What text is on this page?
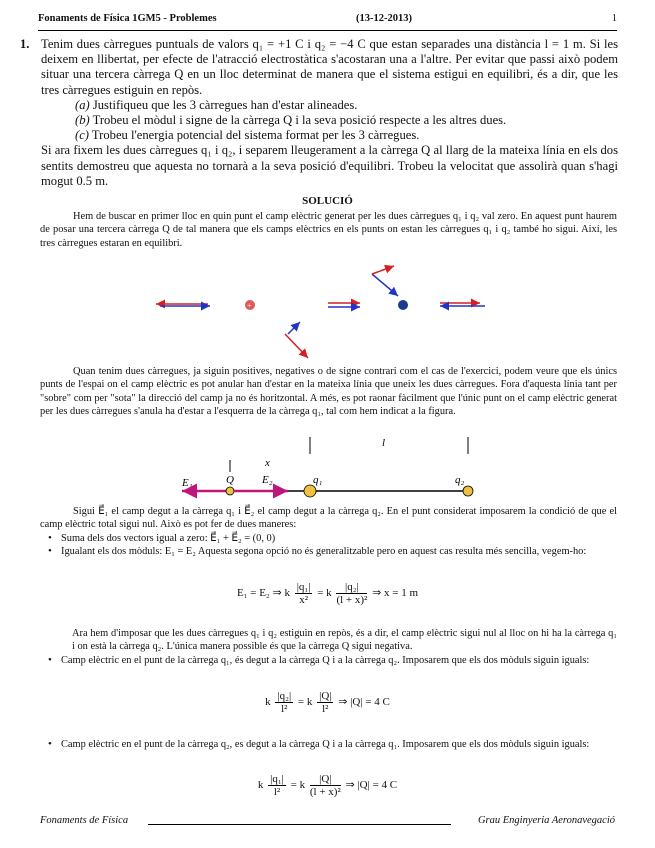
Fonaments de Física 1GM5 - Problemes	(13-12-2013)	1
1. Tenim dues càrregues puntuals de valors q₁ = +1 C i q₂ = −4 C que estan separades una distància l = 1 m. Si les deixem en llibertat, per efecte de l'atracció electrostàtica s'acostaran una a l'altre. Per evitar que passi això podem situar una tercera càrrega Q en un lloc determinat de manera que el sistema estigui en equilibri, és a dir, que les tres càrregues estiguin en repòs.
(a) Justifiqueu que les 3 càrregues han d'estar alineades.
(b) Trobeu el mòdul i signe de la càrrega Q i la seva posició respecte a les altres dues.
(c) Trobeu l'energia potencial del sistema format per les 3 càrregues.
Si ara fixem les dues càrregues q₁ i q₂, i separem lleugerament a la càrrega Q al llarg de la mateixa línia en els dos sentits demostreu que aquesta no tornarà a la seva posició d'equilibri. Trobeu la velocitat que assolirà quan s'hagi mogut 0.5 m.
SOLUCIÓ
Hem de buscar en primer lloc en quin punt el camp elèctric generat per les dues càrregues q₁ i q₂ val zero. En aquest punt haurem de posar una tercera càrrega Q de tal manera que els camps elèctrics en els punts on estan les càrregues q₁ i q₂ també ho sigui. Així, les tres càrregues estaran en equilibri.
+
Quan tenim dues càrregues, ja siguin positives, negatives o de signe contrari com el cas de l'exercici, podem veure que els únics punts de l'espai on el camp elèctric es pot anular han d'estar en la mateixa línia que uneix les dues càrregues. Fora d'aquesta línia tant per "sobre" com per "sota" la direcció del camp ja no és horitzontal. A més, es pot raonar fàcilment que l'únic punt on el camp elèctric generat per les dues càrregues s'anula ha d'estar a l'esquerra de la càrrega q₁, tal com hem indicat a la figura.
l
x
E₁	Q	E₂	q₁	q₂
Sigui E⃗₁ el camp degut a la càrrega q₁ i E⃗₂ el camp degut a la càrrega q₂. En el punt considerat imposarem la condició de que el camp elèctric total sigui nul. Això es pot fer de dues maneres:
• Suma dels dos vectors igual a zero: E⃗₁ + E⃗₂ = (0, 0)
• Igualant els dos mòduls: E₁ = E₂ Aquesta segona opció no és generalitzable pero en aquest cas resulta més sencilla, vegem-ho:
E₁ = E₂ ⇒ k $\frac{\text{|q₁|}}{\text{x²}} = k \frac{\text{|q₂|}}{\text{(l + x)²}}$ ⇒ x = 1 m
Ara hem d'imposar que les dues càrregues q₁ i q₂ estiguin en repòs, és a dir, el camp elèctric sigui nul al lloc on hi ha la càrrega q₁ i on està la càrrega q₂. L'única manera possible és que la càrrega Q sigui negativa.
• Camp elèctric en el punt de la càrrega q₁, és degut a la càrrega Q i a la càrrega q₂. Imposarem que els dos mòduls siguin iguals:
k $\frac{\text{|q₂|}}{\text{l²}} = k \frac{|Q|}{\text{l²}}$ ⇒ |Q| = 4 C
• Camp elèctric en el punt de la càrrega q₂, es degut a la càrrega Q i a la càrrega q₁. Imposarem que els dos mòduls siguin iguals:
k $\frac{\text{|q₁|}}{\text{l²}} = k \frac{|Q|}{\text{(l + x)²}}$ ⇒ |Q| = 4 C
Fonaments de Física	Grau Enginyeria Aeronavegació
